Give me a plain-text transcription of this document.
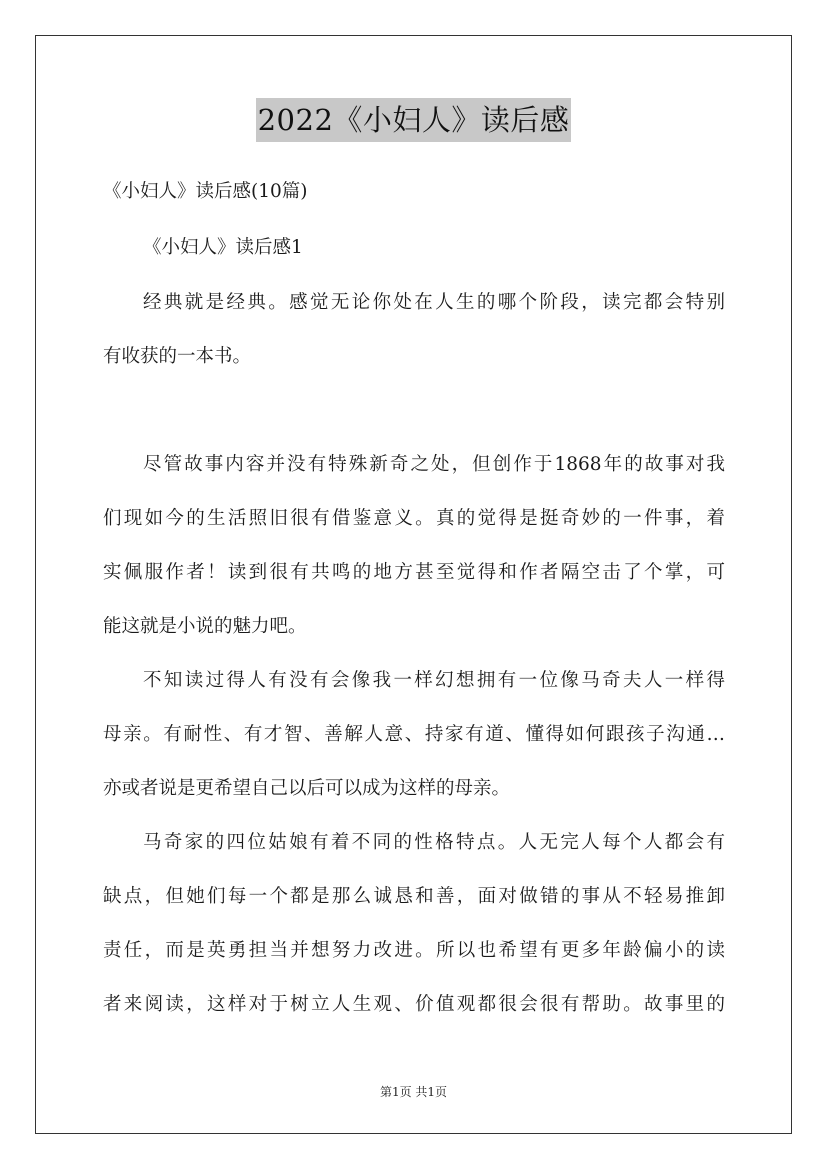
2022《小妇人》读后感
《小妇人》读后感(10篇)
《小妇人》读后感1
经典就是经典。感觉无论你处在人生的哪个阶段，读完都会特别
有收获的一本书。
尽管故事内容并没有特殊新奇之处，但创作于1868年的故事对我
们现如今的生活照旧很有借鉴意义。真的觉得是挺奇妙的一件事，着
实佩服作者！读到很有共鸣的地方甚至觉得和作者隔空击了个掌，可
能这就是小说的魅力吧。
不知读过得人有没有会像我一样幻想拥有一位像马奇夫人一样得
母亲。有耐性、有才智、善解人意、持家有道、懂得如何跟孩子沟通…
亦或者说是更希望自己以后可以成为这样的母亲。
马奇家的四位姑娘有着不同的性格特点。人无完人每个人都会有
缺点，但她们每一个都是那么诚恳和善，面对做错的事从不轻易推卸
责任，而是英勇担当并想努力改进。所以也希望有更多年龄偏小的读
者来阅读，这样对于树立人生观、价值观都很会很有帮助。故事里的
第1页 共1页
